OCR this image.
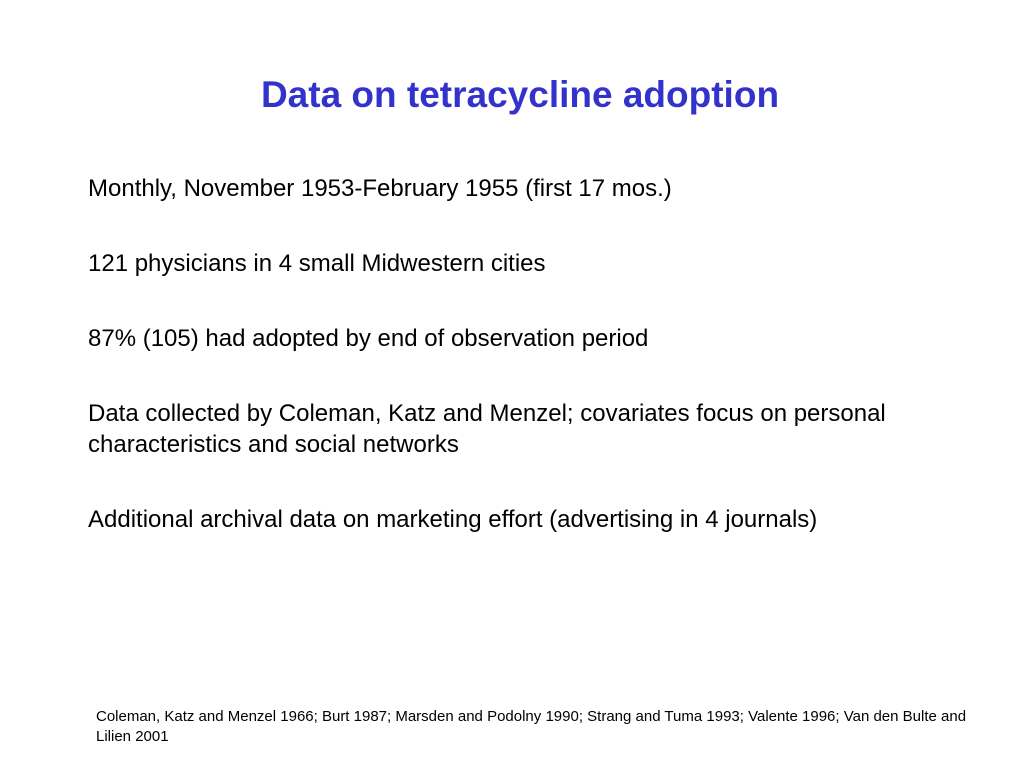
Data on tetracycline adoption
Monthly, November 1953-February 1955 (first 17 mos.)
121 physicians in 4 small Midwestern cities
87% (105) had adopted by end of observation period
Data collected by Coleman, Katz and Menzel; covariates focus on personal characteristics and social networks
Additional archival data on marketing effort (advertising in 4 journals)

Coleman, Katz and Menzel 1966; Burt 1987; Marsden and Podolny 1990; Strang and Tuma 1993; Valente 1996; Van den Bulte and Lilien 2001
